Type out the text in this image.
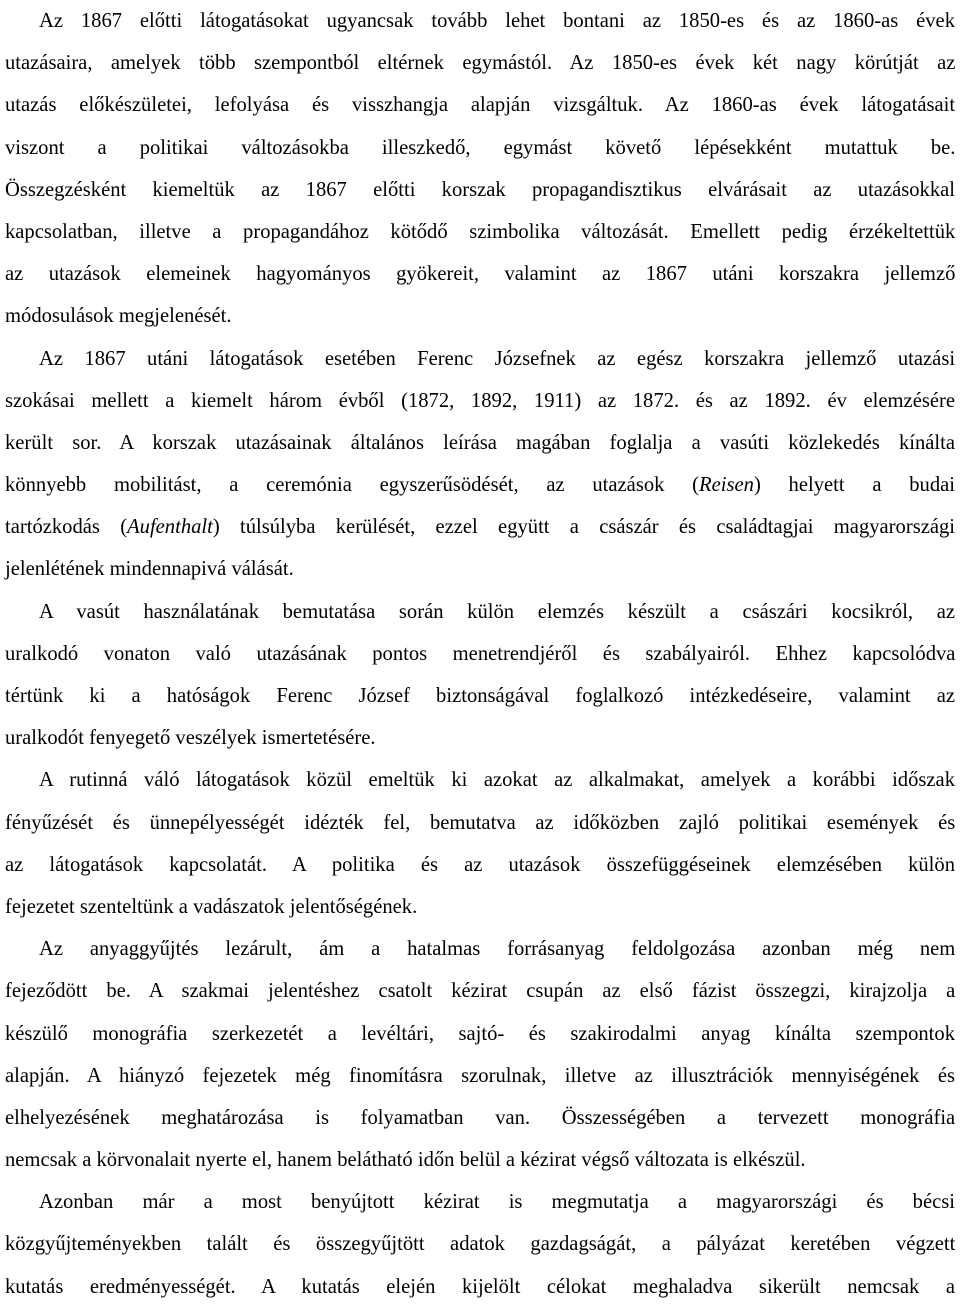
Az 1867 előtti látogatásokat ugyancsak tovább lehet bontani az 1850-es és az 1860-as évek
utazásaira, amelyek több szempontból eltérnek egymástól. Az 1850-es évek két nagy körútját az
utazás előkészületei, lefolyása és visszhangja alapján vizsgáltuk. Az 1860-as évek látogatásait
viszont a politikai változásokba illeszkedő, egymást követő lépésekként mutattuk be.
Összegzésként kiemeltük az 1867 előtti korszak propagandisztikus elvárásait az utazásokkal
kapcsolatban, illetve a propagandához kötődő szimbolika változását. Emellett pedig érzékeltettük
az utazások elemeinek hagyományos gyökereit, valamint az 1867 utáni korszakra jellemző
módosulások megjelenését.
Az 1867 utáni látogatások esetében Ferenc Józsefnek az egész korszakra jellemző utazási
szokásai mellett a kiemelt három évből (1872, 1892, 1911) az 1872. és az 1892. év elemzésére
került sor. A korszak utazásainak általános leírása magában foglalja a vasúti közlekedés kínálta
könnyebb mobilitást, a ceremónia egyszerűsödését, az utazások (Reisen) helyett a budai
tartózkodás (Aufenthalt) túlsúlyba kerülését, ezzel együtt a császár és családtagjai magyarországi
jelenlétének mindennapivá válását.
A vasút használatának bemutatása során külön elemzés készült a császári kocsikról, az
uralkodó vonaton való utazásának pontos menetrendjéről és szabályairól. Ehhez kapcsolódva
tértünk ki a hatóságok Ferenc József biztonságával foglalkozó intézkedéseire, valamint az
uralkodót fenyegető veszélyek ismertetésére.
A rutinná váló látogatások közül emeltük ki azokat az alkalmakat, amelyek a korábbi időszak
fényűzését és ünnepélyességét idézték fel, bemutatva az időközben zajló politikai események és
az látogatások kapcsolatát. A politika és az utazások összefüggéseinek elemzésében külön
fejezetet szenteltünk a vadászatok jelentőségének.
Az anyaggyűjtés lezárult, ám a hatalmas forrásanyag feldolgozása azonban még nem
fejeződött be. A szakmai jelentéshez csatolt kézirat csupán az első fázist összegzi, kirajzolja a
készülő monográfia szerkezetét a levéltári, sajtó- és szakirodalmi anyag kínálta szempontok
alapján. A hiányzó fejezetek még finomításra szorulnak, illetve az illusztrációk mennyiségének és
elhelyezésének meghatározása is folyamatban van. Összességében a tervezett monográfia
nemcsak a körvonalait nyerte el, hanem belátható időn belül a kézirat végső változata is elkészül.
Azonban már a most benyújtott kézirat is megmutatja a magyarországi és bécsi
közgyűjteményekben talált és összegyűjtött adatok gazdagságát, a pályázat keretében végzett
kutatás eredményességét. A kutatás elején kijelölt célokat meghaladva sikerült nemcsak a
